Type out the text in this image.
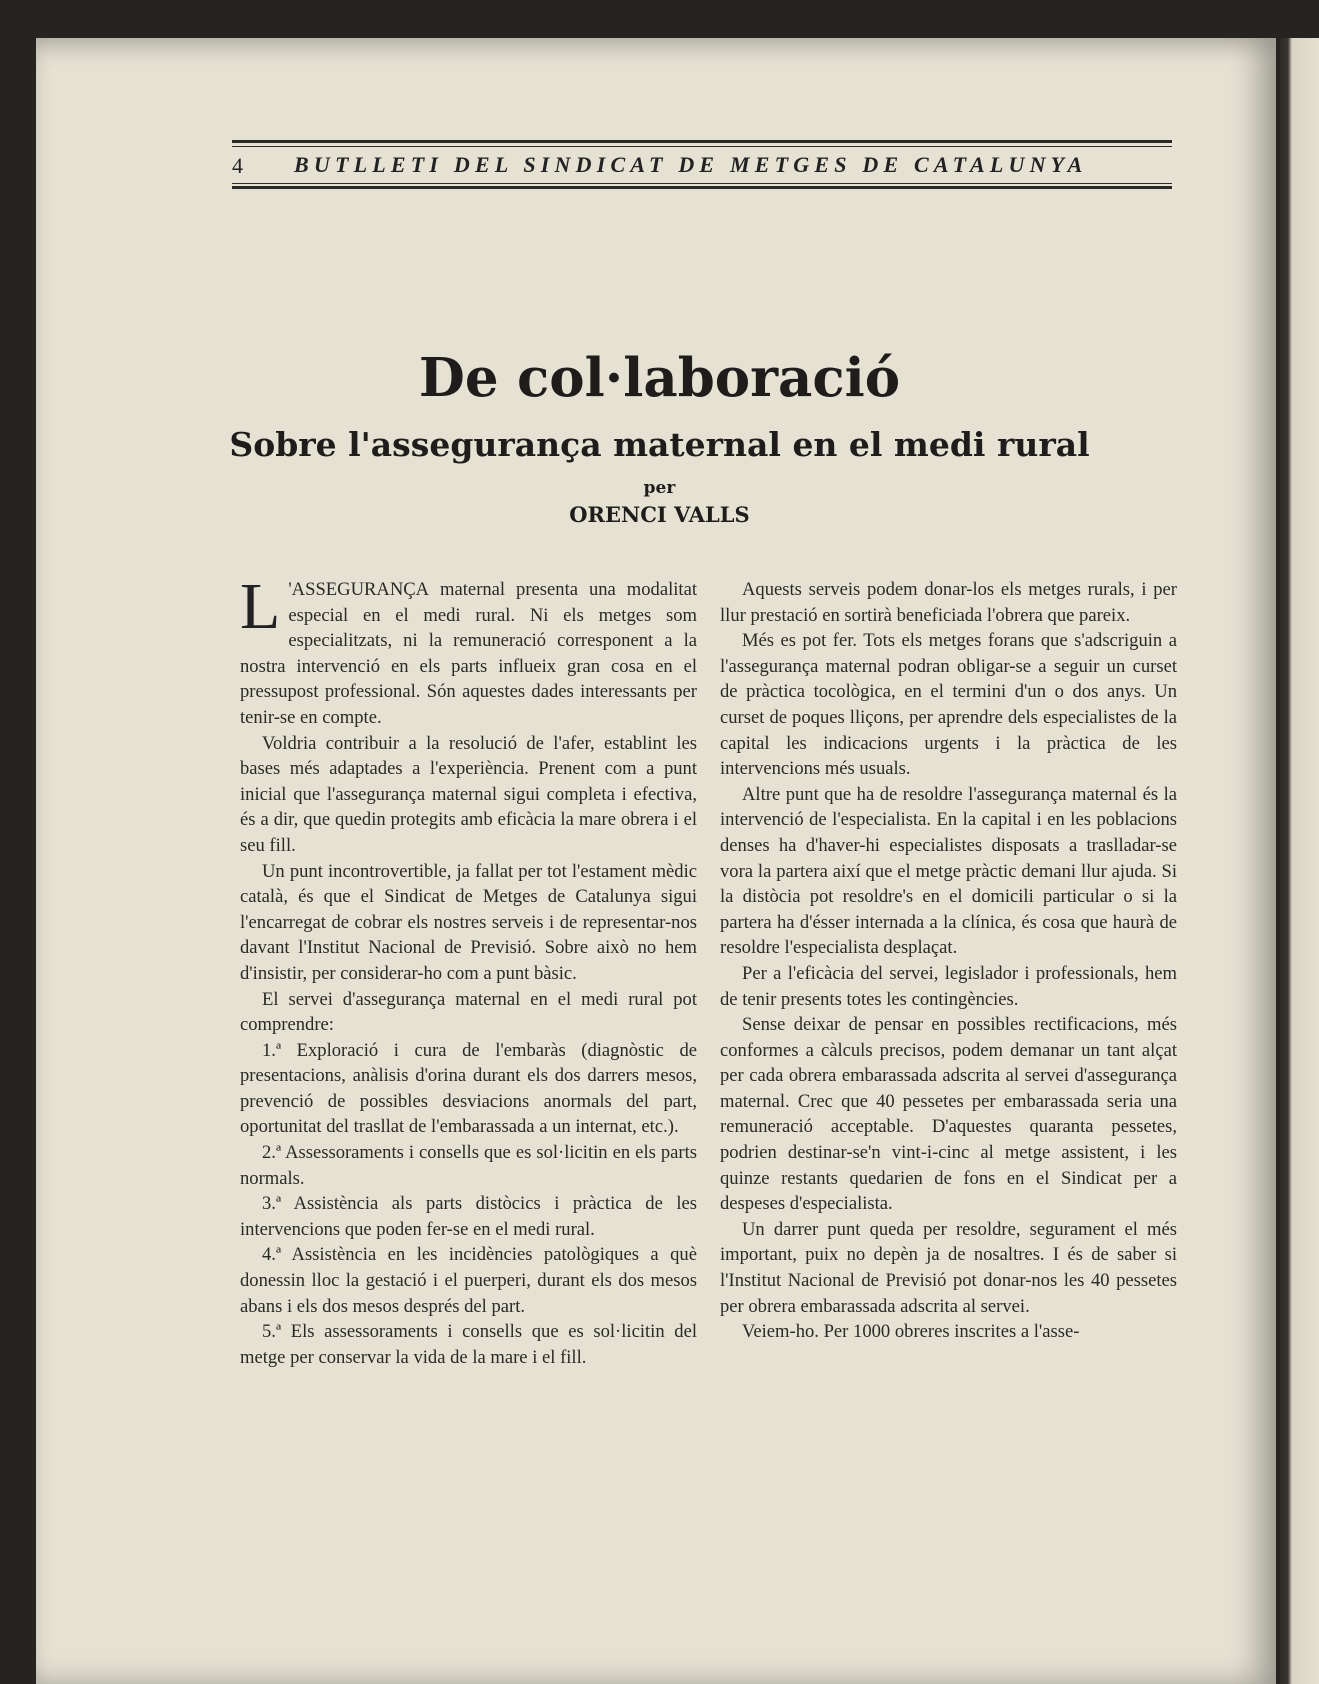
4 BUTLLETI DEL SINDICAT DE METGES DE CATALUNYA
De col·laboració
Sobre l'assegurança maternal en el medi rural
per
ORENCI VALLS

L 'ASSEGURANÇA maternal presenta una modalitat especial en el medi rural. Ni els metges som especialitzats, ni la remuneració corresponent a la nostra intervenció en els parts influeix gran cosa en el pressupost professional. Són aquestes dades interessants per tenir-se en compte.

Voldria contribuir a la resolució de l'afer, establint les bases més adaptades a l'experiència. Prenent com a punt inicial que l'assegurança maternal sigui completa i efectiva, és a dir, que quedin protegits amb eficàcia la mare obrera i el seu fill.

Un punt incontrovertible, ja fallat per tot l'estament mèdic català, és que el Sindicat de Metges de Catalunya sigui l'encarregat de cobrar els nostres serveis i de representar-nos davant l'Institut Nacional de Previsió. Sobre això no hem d'insistir, per considerar-ho com a punt bàsic.

El servei d'assegurança maternal en el medi rural pot comprendre:

1.ª Exploració i cura de l'embaràs (diagnòstic de presentacions, anàlisis d'orina durant els dos darrers mesos, prevenció de possibles desviacions anormals del part, oportunitat del trasllat de l'embarassada a un internat, etc.).

2.ª Assessoraments i consells que es sol·licitin en els parts normals.

3.ª Assistència als parts distòcics i pràctica de les intervencions que poden fer-se en el medi rural.

4.ª Assistència en les incidències patològiques a què donessin lloc la gestació i el puerperi, durant els dos mesos abans i els dos mesos després del part.

5.ª Els assessoraments i consells que es sol·licitin del metge per conservar la vida de la mare i el fill.

Aquests serveis podem donar-los els metges rurals, i per llur prestació en sortirà beneficiada l'obrera que pareix.

Més es pot fer. Tots els metges forans que s'adscriguin a l'assegurança maternal podran obligar-se a seguir un curset de pràctica tocològica, en el termini d'un o dos anys. Un curset de poques lliçons, per aprendre dels especialistes de la capital les indicacions urgents i la pràctica de les intervencions més usuals.

Altre punt que ha de resoldre l'assegurança maternal és la intervenció de l'especialista. En la capital i en les poblacions denses ha d'haver-hi especialistes disposats a traslladar-se vora la partera així que el metge pràctic demani llur ajuda. Si la distòcia pot resoldre's en el domicili particular o si la partera ha d'ésser internada a la clínica, és cosa que haurà de resoldre l'especialista desplaçat.

Per a l'eficàcia del servei, legislador i professionals, hem de tenir presents totes les contingències.

Sense deixar de pensar en possibles rectificacions, més conformes a càlculs precisos, podem demanar un tant alçat per cada obrera embarassada adscrita al servei d'assegurança maternal. Crec que 40 pessetes per embarassada seria una remuneració acceptable. D'aquestes quaranta pessetes, podrien destinar-se'n vint-i-cinc al metge assistent, i les quinze restants quedarien de fons en el Sindicat per a despeses d'especialista.

Un darrer punt queda per resoldre, segurament el més important, puix no depèn ja de nosaltres. I és de saber si l'Institut Nacional de Previsió pot donar-nos les 40 pessetes per obrera embarassada adscrita al servei.

Veiem-ho. Per 1000 obreres inscrites a l'asse-
